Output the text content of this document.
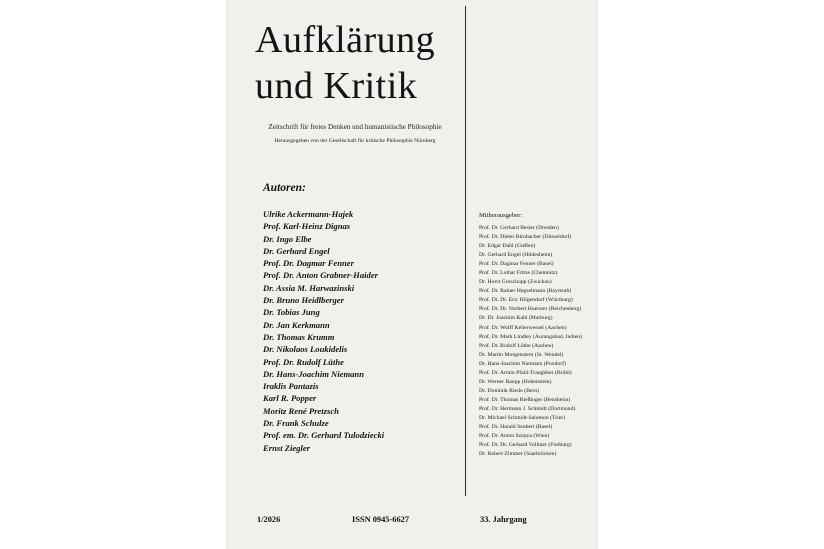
Aufklärung
und Kritik
Zeitschrift für freies Denken und humanistische Philosophie
Herausgegeben von der Gesellschaft für kritische Philosophie Nürnberg
Autoren:
Ulrike Ackermann-Hajek
Prof. Karl-Heinz Dignas
Dr. Ingo Elbe
Dr. Gerhard Engel
Prof. Dr. Dagmar Fenner
Prof. Dr. Anton Grabner-Haider
Dr. Assia M. Harwazinski
Dr. Bruno Heidlberger
Dr. Tobias Jung
Dr. Jan Kerkmann
Dr. Thomas Krumm
Dr. Nikolaos Loukidelis
Prof. Dr. Rudolf Lüthe
Dr. Hans-Joachim Niemann
Iraklis Pantazis
Karl R. Popper
Moritz René Pretzsch
Dr. Frank Schulze
Prof. em. Dr. Gerhard Tulodziecki
Ernst Ziegler
Mitherausgeber:
Prof. Dr. Gerhard Besier (Dresden)
Prof. Dr. Dieter Birnbacher (Düsseldorf)
Dr. Edgar Dahl (Gießen)
Dr. Gerhard Engel (Hildesheim)
Prof. Dr. Dagmar Fenner (Basel)
Prof. Dr. Lothar Fritze (Chemnitz)
Dr. Horst Groschopp (Zwickau)
Prof. Dr. Rainer Hegselmann (Bayreuth)
Prof. Dr. Dr. Eric Hilgendorf (Würzburg)
Prof. Dr. Dr. Norbert Hoerster (Reichenberg)
Dr. Dr. Joachim Kahl (Marburg)
Prof. Dr. Wolff Kellerwessel (Aachen)
Prof. Dr. Mark Lindley (Aurangabad, Indien)
Prof. Dr. Rudolf Lüthe (Aachen)
Dr. Martin Morgenstern (St. Wendel)
Dr. Hans-Joachim Niemann (Poxdorf)
Prof. Dr. Armin Pfahl-Traughber (Brühl)
Dr. Werner Raupp (Hohenstein)
Dr. Dominik Riedo (Bern)
Prof. Dr. Thomas Rießinger (Bensheim)
Prof. Dr. Hermann J. Schmidt (Dortmund)
Dr. Michael Schmidt-Salomon (Trier)
Prof. Dr. Harald Seubert (Basel)
Prof. Dr. Anton Szanya (Wien)
Prof. Dr. Dr. Gerhard Vollmer (Freiburg)
Dr. Robert Zimmer (Saarbrücken)
1/2026	ISSN 0945-6627	33. Jahrgang
